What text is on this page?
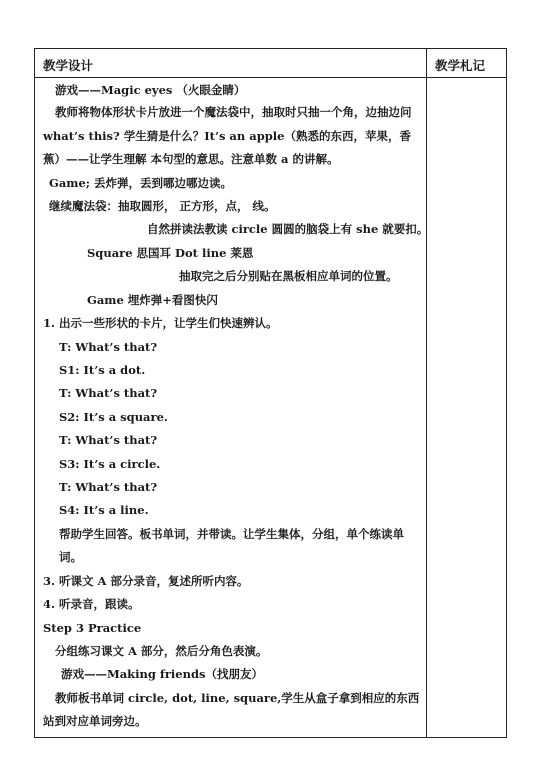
教学设计	教学札记
游戏——Magic eyes （火眼金睛）
教师将物体形状卡片放进一个魔法袋中，抽取时只抽一个角，边抽边问
what’s this? 学生猜是什么？It’s an apple（熟悉的东西，苹果，香
蕉）——让学生理解 本句型的意思。注意单数 a 的讲解。
Game; 丢炸弹，丢到哪边哪边读。
继续魔法袋：抽取圆形， 正方形，点， 线。
自然拼读法教读 circle 圆圆的脑袋上有 she 就要扣。
Square 思国耳 Dot line 莱恩
抽取完之后分别贴在黑板相应单词的位置。
Game 埋炸弹+看图快闪
1. 出示一些形状的卡片，让学生们快速辨认。
T: What’s that?
S1: It’s a dot.
T: What’s that?
S2: It’s a square.
T: What’s that?
S3: It’s a circle.
T: What’s that?
S4: It’s a line.
帮助学生回答。板书单词，并带读。让学生集体，分组，单个练读单
词。
3. 听课文 A 部分录音，复述所听内容。
4. 听录音，跟读。
Step 3 Practice
分组练习课文 A 部分，然后分角色表演。
游戏——Making friends（找朋友）
教师板书单词 circle, dot, line, square,学生从盒子拿到相应的东西
站到对应单词旁边。
